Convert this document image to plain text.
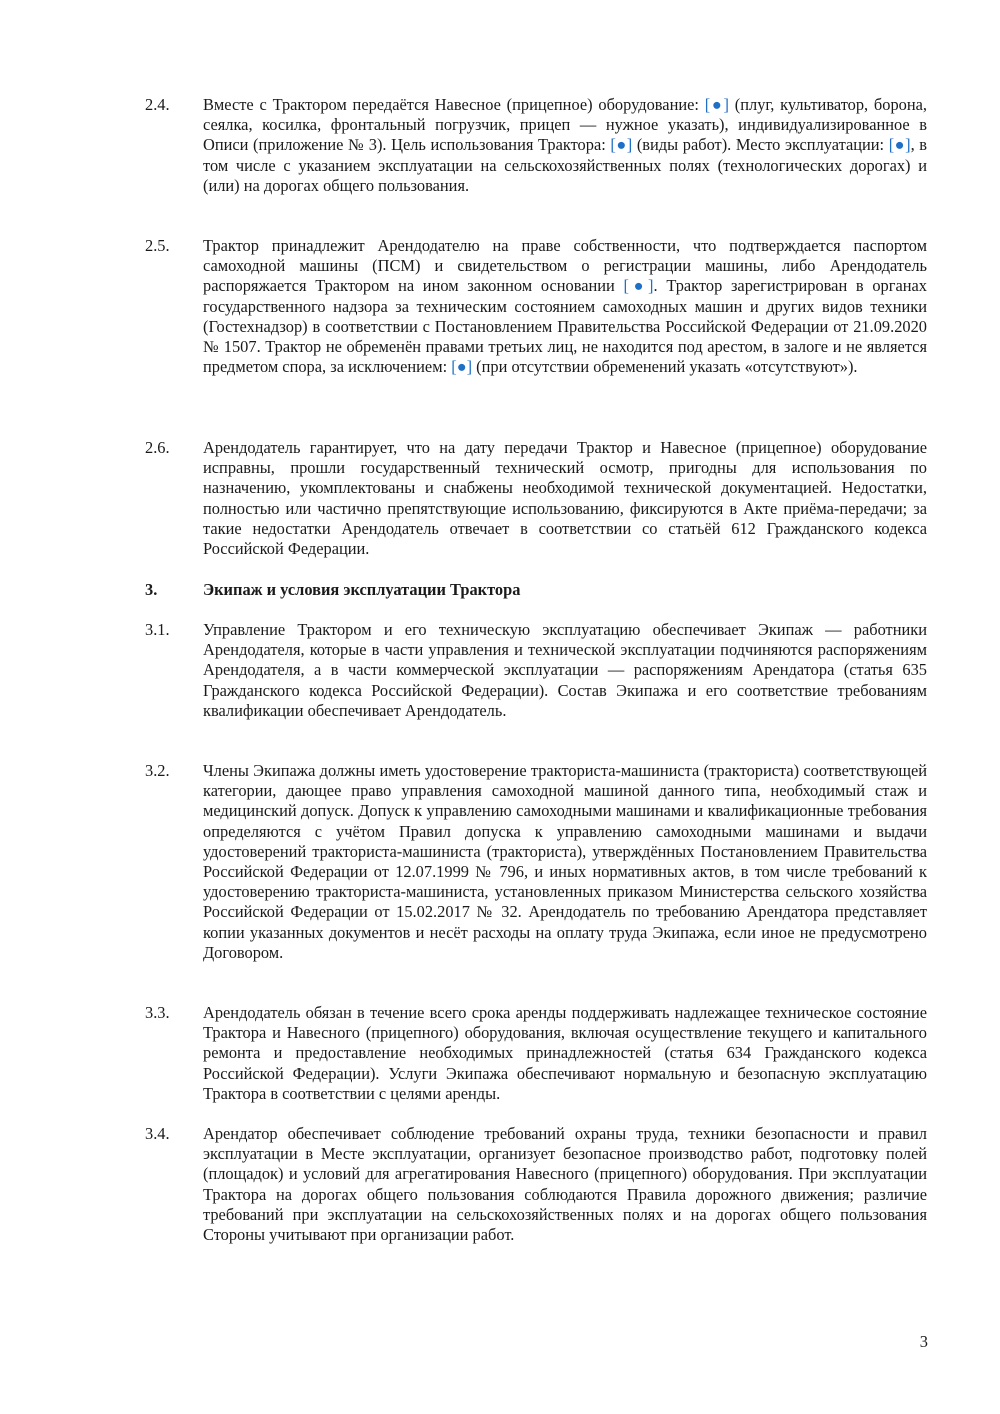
2.4.	Вместе с Трактором передаётся Навесное (прицепное) оборудование: [●] (плуг, культиватор, борона, сеялка, косилка, фронтальный погрузчик, прицеп — нужное указать), индивидуализированное в Описи (приложение № 3). Цель использования Трактора: [●] (виды работ). Место эксплуатации: [●], в том числе с указанием эксплуатации на сельскохозяйственных полях (технологических дорогах) и (или) на дорогах общего пользования.
2.5.	Трактор принадлежит Арендодателю на праве собственности, что подтверждается паспортом самоходной машины (ПСМ) и свидетельством о регистрации машины, либо Арендодатель распоряжается Трактором на ином законном основании [●]. Трактор зарегистрирован в органах государственного надзора за техническим состоянием самоходных машин и других видов техники (Гостехнадзор) в соответствии с Постановлением Правительства Российской Федерации от 21.09.2020 № 1507. Трактор не обременён правами третьих лиц, не находится под арестом, в залоге и не является предметом спора, за исключением: [●] (при отсутствии обременений указать «отсутствуют»).
2.6.	Арендодатель гарантирует, что на дату передачи Трактор и Навесное (прицепное) оборудование исправны, прошли государственный технический осмотр, пригодны для использования по назначению, укомплектованы и снабжены необходимой технической документацией. Недостатки, полностью или частично препятствующие использованию, фиксируются в Акте приёма-передачи; за такие недостатки Арендодатель отвечает в соответствии со статьёй 612 Гражданского кодекса Российской Федерации.
3.	Экипаж и условия эксплуатации Трактора
3.1.	Управление Трактором и его техническую эксплуатацию обеспечивает Экипаж — работники Арендодателя, которые в части управления и технической эксплуатации подчиняются распоряжениям Арендодателя, а в части коммерческой эксплуатации — распоряжениям Арендатора (статья 635 Гражданского кодекса Российской Федерации). Состав Экипажа и его соответствие требованиям квалификации обеспечивает Арендодатель.
3.2.	Члены Экипажа должны иметь удостоверение тракториста-машиниста (тракториста) соответствующей категории, дающее право управления самоходной машиной данного типа, необходимый стаж и медицинский допуск. Допуск к управлению самоходными машинами и квалификационные требования определяются с учётом Правил допуска к управлению самоходными машинами и выдачи удостоверений тракториста-машиниста (тракториста), утверждённых Постановлением Правительства Российской Федерации от 12.07.1999 № 796, и иных нормативных актов, в том числе требований к удостоверению тракториста-машиниста, установленных приказом Министерства сельского хозяйства Российской Федерации от 15.02.2017 № 32. Арендодатель по требованию Арендатора представляет копии указанных документов и несёт расходы на оплату труда Экипажа, если иное не предусмотрено Договором.
3.3.	Арендодатель обязан в течение всего срока аренды поддерживать надлежащее техническое состояние Трактора и Навесного (прицепного) оборудования, включая осуществление текущего и капитального ремонта и предоставление необходимых принадлежностей (статья 634 Гражданского кодекса Российской Федерации). Услуги Экипажа обеспечивают нормальную и безопасную эксплуатацию Трактора в соответствии с целями аренды.
3.4.	Арендатор обеспечивает соблюдение требований охраны труда, техники безопасности и правил эксплуатации в Месте эксплуатации, организует безопасное производство работ, подготовку полей (площадок) и условий для агрегатирования Навесного (прицепного) оборудования. При эксплуатации Трактора на дорогах общего пользования соблюдаются Правила дорожного движения; различие требований при эксплуатации на сельскохозяйственных полях и на дорогах общего пользования Стороны учитывают при организации работ.
3
